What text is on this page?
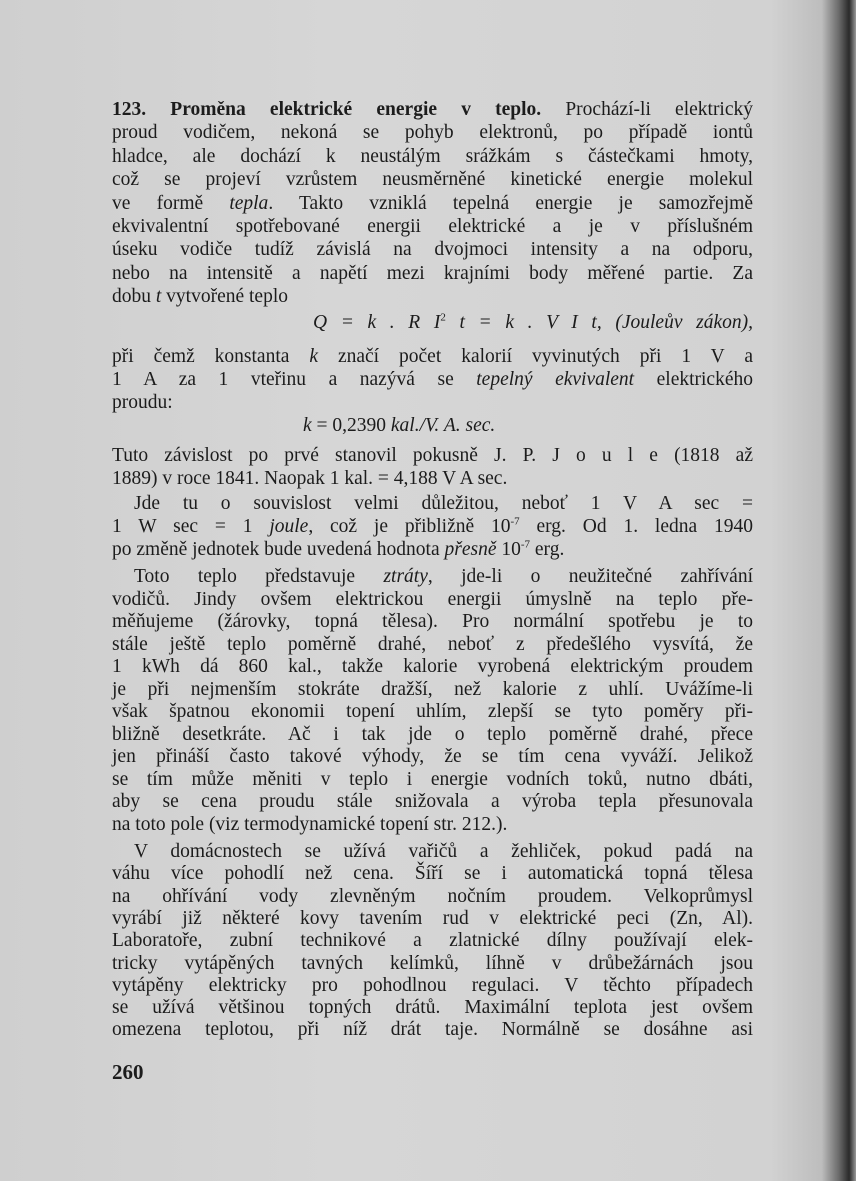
123. Proměna elektrické energie v teplo. Prochází-li elektrický
proud vodičem, nekoná se pohyb elektronů, po případě iontů
hladce, ale dochází k neustálým srážkám s částečkami hmoty,
což se projeví vzrůstem neusměrněné kinetické energie molekul
ve formě tepla. Takto vzniklá tepelná energie je samozřejmě
ekvivalentní spotřebované energii elektrické a je v příslušném
úseku vodiče tudíž závislá na dvojmoci intensity a na odporu,
nebo na intensitě a napětí mezi krajními body měřené partie. Za
dobu t vytvořené teplo
Q = k . R $I^2$ t = k . V I t, (Jouleův zákon),
při čemž konstanta k značí počet kalorií vyvinutých při 1 V a
1 A za 1 vteřinu a nazývá se tepelný ekvivalent elektrického
proudu:
k = 0,2390 kal./V. A. sec.
Tuto závislost po prvé stanovil pokusně J. P. J o u l e (1818 až
1889) v roce 1841. Naopak 1 kal. = 4,188 V A sec.
Jde tu o souvislost velmi důležitou, neboť 1 V A sec =
1 W sec = 1 joule, což je přibližně $10^{-7}$ erg. Od 1. ledna 1940
po změně jednotek bude uvedená hodnota přesně $10^{-7}$ erg.
Toto teplo představuje ztráty, jde-li o neužitečné zahřívání
vodičů. Jindy ovšem elektrickou energii úmyslně na teplo pře-
měňujeme (žárovky, topná tělesa). Pro normální spotřebu je to
stále ještě teplo poměrně drahé, neboť z předešlého vysvítá, že
1 kWh dá 860 kal., takže kalorie vyrobená elektrickým proudem
je při nejmenším stokráte dražší, než kalorie z uhlí. Uvážíme-li
však špatnou ekonomii topení uhlím, zlepší se tyto poměry při-
bližně desetkráte. Ač i tak jde o teplo poměrně drahé, přece
jen přináší často takové výhody, že se tím cena vyváží. Jelikož
se tím může měniti v teplo i energie vodních toků, nutno dbáti,
aby se cena proudu stále snižovala a výroba tepla přesunovala
na toto pole (viz termodynamické topení str. 212.).
V domácnostech se užívá vařičů a žehliček, pokud padá na
váhu více pohodlí než cena. Šíří se i automatická topná tělesa
na ohřívání vody zlevněným nočním proudem. Velkoprůmysl
vyrábí již některé kovy tavením rud v elektrické peci (Zn, Al).
Laboratoře, zubní technikové a zlatnické dílny používají elek-
tricky vytápěných tavných kelímků, líhně v drůbežárnách jsou
vytápěny elektricky pro pohodlnou regulaci. V těchto případech
se užívá většinou topných drátů. Maximální teplota jest ovšem
omezena teplotou, při níž drát taje. Normálně se dosáhne asi
260
